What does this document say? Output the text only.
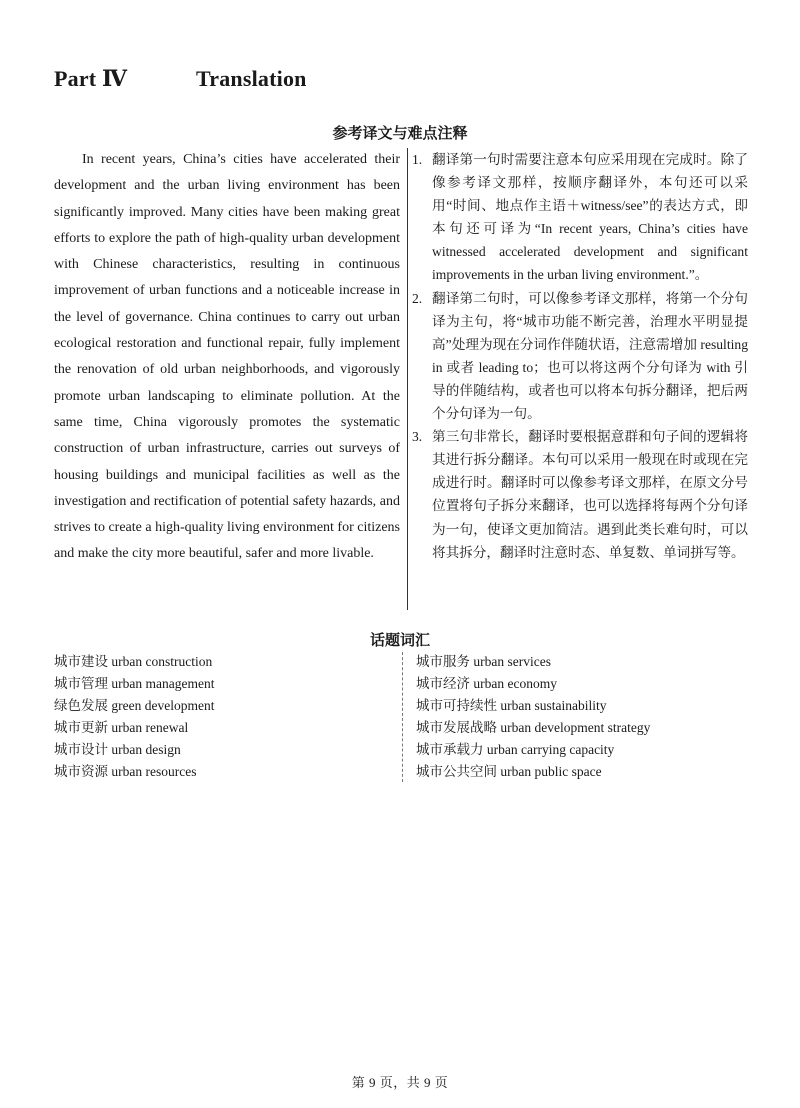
Part Ⅳ	Translation
参考译文与难点注释

In recent years, China’s cities have accelerated their development and the urban living environment has been significantly improved. Many cities have been making great efforts to explore the path of high-quality urban development with Chinese characteristics, resulting in continuous improvement of urban functions and a noticeable increase in the level of governance. China continues to carry out urban ecological restoration and functional repair, fully implement the renovation of old urban neighborhoods, and vigorously promote urban landscaping to eliminate pollution. At the same time, China vigorously promotes the systematic construction of urban infrastructure, carries out surveys of housing buildings and municipal facilities as well as the investigation and rectification of potential safety hazards, and strives to create a high-quality living environment for citizens and make the city more beautiful, safer and more livable.

1. 翻译第一句时需要注意本句应采用现在完成时。除了像参考译文那样，按顺序翻译外，本句还可以采用“时间、地点作主语＋witness/see”的表达方式，即本句还可译为“In recent years, China’s cities have witnessed accelerated development and significant improvements in the urban living environment.”。
2. 翻译第二句时，可以像参考译文那样，将第一个分句译为主句，将“城市功能不断完善，治理水平明显提高”处理为现在分词作伴随状语，注意需增加 resulting in 或者 leading to；也可以将这两个分句译为 with 引导的伴随结构，或者也可以将本句拆分翻译，把后两个分句译为一句。
3. 第三句非常长，翻译时要根据意群和句子间的逻辑将其进行拆分翻译。本句可以采用一般现在时或现在完成进行时。翻译时可以像参考译文那样，在原文分号位置将句子拆分来翻译，也可以选择将每两个分句译为一句，使译文更加简洁。遇到此类长难句时，可以将其拆分，翻译时注意时态、单复数、单词拼写等。
话题词汇
城市建设 urban construction
城市管理 urban management
绿色发展 green development
城市更新 urban renewal
城市设计 urban design
城市资源 urban resources
城市服务 urban services
城市经济 urban economy
城市可持续性 urban sustainability
城市发展战略 urban development strategy
城市承载力 urban carrying capacity
城市公共空间 urban public space
第 9 页，共 9 页
